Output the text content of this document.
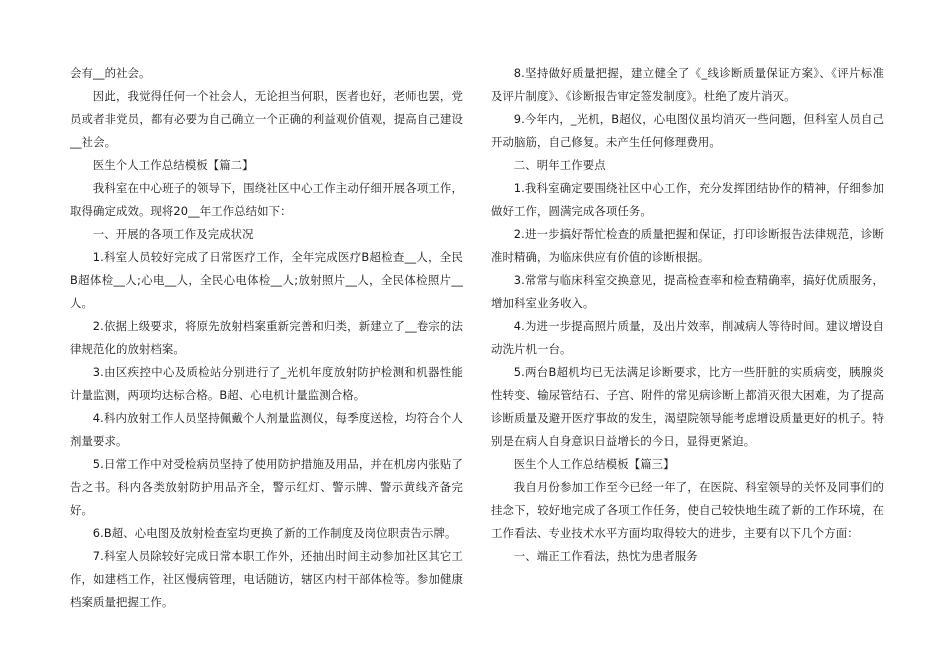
会有__的社会。

因此，我觉得任何一个社会人，无论担当何职，医者也好，老师也罢，党员或者非党员，都有必要为自己确立一个正确的利益观价值观，提高自己建设__社会。

医生个人工作总结模板【篇二】

我科室在中心班子的领导下，围绕社区中心工作主动仔细开展各项工作，取得确定成效。现将20__年工作总结如下：

一、开展的各项工作及完成状况

1.科室人员较好完成了日常医疗工作，全年完成医疗B超检查__人，全民B超体检__人;心电__人，全民心电体检__人;放射照片__人，全民体检照片__人。

2.依据上级要求，将原先放射档案重新完善和归类，新建立了__卷宗的法律规范化的放射档案。

3.由区疾控中心及质检站分别进行了_光机年度放射防护检测和机器性能计量监测，两项均达标合格。B超、心电机计量监测合格。

4.科内放射工作人员坚持佩戴个人剂量监测仪，每季度送检，均符合个人剂量要求。

5.日常工作中对受检病员坚持了使用防护措施及用品，并在机房内张贴了告之书。科内各类放射防护用品齐全，警示红灯、警示牌、警示黄线齐备完好。

6.B超、心电图及放射检查室均更换了新的工作制度及岗位职责告示牌。

7.科室人员除较好完成日常本职工作外，还抽出时间主动参加社区其它工作，如建档工作，社区慢病管理，电话随访，辖区内村干部体检等。参加健康档案质量把握工作。

8.坚持做好质量把握，建立健全了《_线诊断质量保证方案》、《评片标准及评片制度》、《诊断报告审定签发制度》。杜绝了废片消灭。

9.今年内，_光机，B超仪，心电图仪虽均消灭一些问题，但科室人员自己开动脑筋，自己修复。未产生任何修理费用。

二、明年工作要点

1.我科室确定要围绕社区中心工作，充分发挥团结协作的精神，仔细参加做好工作，圆满完成各项任务。

2.进一步搞好帮忙检查的质量把握和保证，打印诊断报告法律规范，诊断准时精确，为临床供应有价值的诊断根据。

3.常常与临床科室交换意见，提高检查率和检查精确率，搞好优质服务，增加科室业务收入。

4.为进一步提高照片质量，及出片效率，削减病人等待时间。建议增设自动洗片机一台。

5.两台B超机均已无法满足诊断要求，比方一些肝脏的实质病变，胰腺炎性转变、输尿管结石、子宫、附件的常见病诊断上都消灭很大困难，为了提高诊断质量及避开医疗事故的发生，渴望院领导能考虑增设质量更好的机子。特别是在病人自身意识日益增长的今日，显得更紧迫。

医生个人工作总结模板【篇三】

我自月份参加工作至今已经一年了，在医院、科室领导的关怀及同事们的挂念下，较好地完成了各项工作任务，使自己较快地生疏了新的工作环境，在工作看法、专业技术水平方面均取得较大的进步，主要有以下几个方面：

一、端正工作看法，热忱为患者服务
